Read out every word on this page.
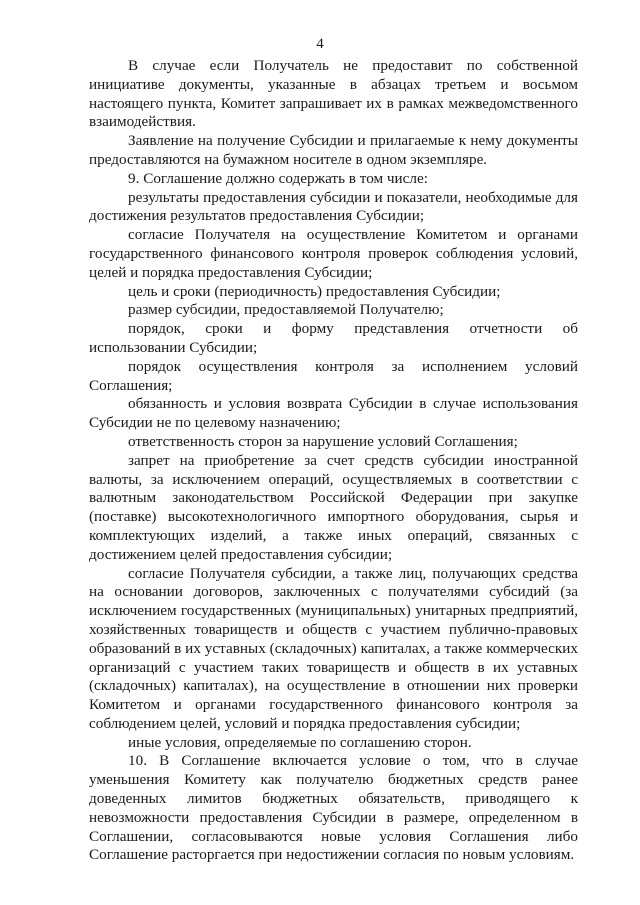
4

В случае если Получатель не предоставит по собственной инициативе документы, указанные в абзацах третьем и восьмом настоящего пункта, Комитет запрашивает их в рамках межведомственного взаимодействия.

Заявление на получение Субсидии и прилагаемые к нему документы предоставляются на бумажном носителе в одном экземпляре.

9. Соглашение должно содержать в том числе:

результаты предоставления субсидии и показатели, необходимые для достижения результатов предоставления Субсидии;

согласие Получателя на осуществление Комитетом и органами государственного финансового контроля проверок соблюдения условий, целей и порядка предоставления Субсидии;

цель и сроки (периодичность) предоставления Субсидии;

размер субсидии, предоставляемой Получателю;

порядок, сроки и форму представления отчетности об использовании Субсидии;

порядок осуществления контроля за исполнением условий Соглашения;

обязанность и условия возврата Субсидии в случае использования Субсидии не по целевому назначению;

ответственность сторон за нарушение условий Соглашения;

запрет на приобретение за счет средств субсидии иностранной валюты, за исключением операций, осуществляемых в соответствии с валютным законодательством Российской Федерации при закупке (поставке) высокотехнологичного импортного оборудования, сырья и комплектующих изделий, а также иных операций, связанных с достижением целей предоставления субсидии;

согласие Получателя субсидии, а также лиц, получающих средства на основании договоров, заключенных с получателями субсидий (за исключением государственных (муниципальных) унитарных предприятий, хозяйственных товариществ и обществ с участием публично-правовых образований в их уставных (складочных) капиталах, а также коммерческих организаций с участием таких товариществ и обществ в их уставных (складочных) капиталах), на осуществление в отношении них проверки Комитетом и органами государственного финансового контроля за соблюдением целей, условий и порядка предоставления субсидии;

иные условия, определяемые по соглашению сторон.

10. В Соглашение включается условие о том, что в случае уменьшения Комитету как получателю бюджетных средств ранее доведенных лимитов бюджетных обязательств, приводящего к невозможности предоставления Субсидии в размере, определенном в Соглашении, согласовываются новые условия Соглашения либо Соглашение расторгается при недостижении согласия по новым условиям.
